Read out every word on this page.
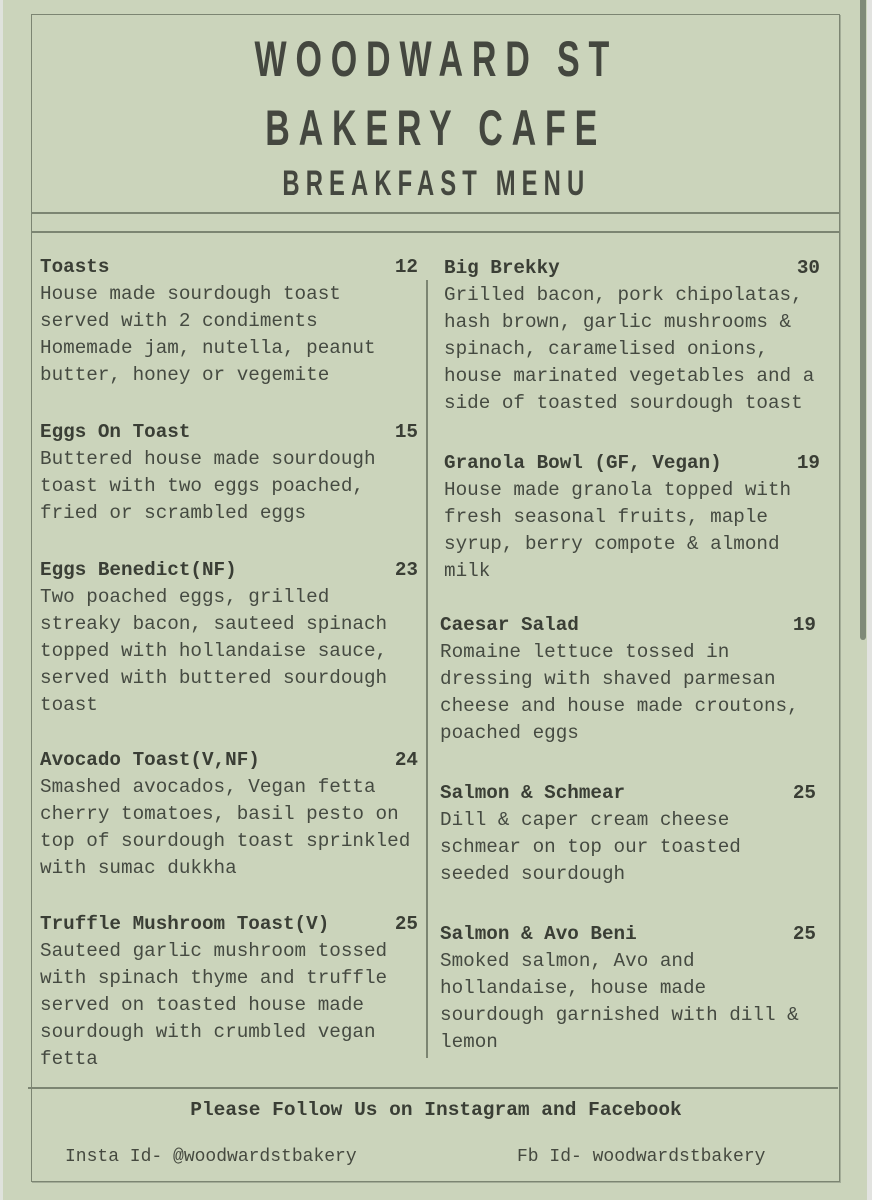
WOODWARD ST
BAKERY CAFE
BREAKFAST MENU
Toasts	12
House made sourdough toast
served with 2 condiments
Homemade jam, nutella, peanut
butter, honey or vegemite
Eggs On Toast	15
Buttered house made sourdough
toast with two eggs poached,
fried or scrambled eggs
Eggs Benedict(NF)	23
Two poached eggs, grilled
streaky bacon, sauteed spinach
topped with hollandaise sauce,
served with buttered sourdough
toast
Avocado Toast(V,NF)	24
Smashed avocados, Vegan fetta
cherry tomatoes, basil pesto on
top of sourdough toast sprinkled
with sumac dukkha
Truffle Mushroom Toast(V)	25
Sauteed garlic mushroom tossed
with spinach thyme and truffle
served on toasted house made
sourdough with crumbled vegan
fetta
Big Brekky	30
Grilled bacon, pork chipolatas,
hash brown, garlic mushrooms &
spinach, caramelised onions,
house marinated vegetables and a
side of toasted sourdough toast
Granola Bowl (GF, Vegan)	19
House made granola topped with
fresh seasonal fruits, maple
syrup, berry compote & almond
milk
Caesar Salad	19
Romaine lettuce tossed in
dressing with shaved parmesan
cheese and house made croutons,
poached eggs
Salmon & Schmear	25
Dill & caper cream cheese
schmear on top our toasted
seeded sourdough
Salmon & Avo Beni	25
Smoked salmon, Avo and
hollandaise, house made
sourdough garnished with dill &
lemon
Please Follow Us on Instagram and Facebook
Insta Id- @woodwardstbakery	Fb Id- woodwardstbakery
